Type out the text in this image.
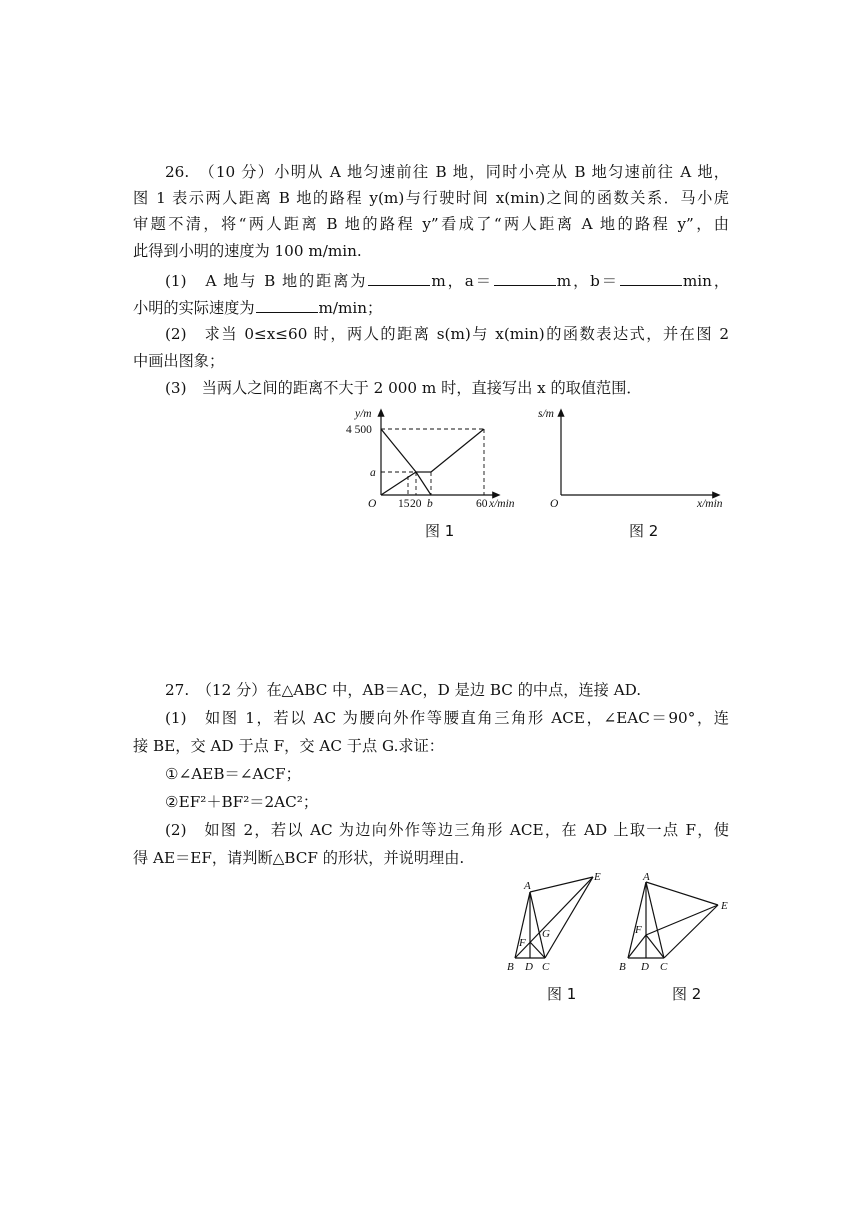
26.　（10 分）小明从 A 地匀速前往 B 地，同时小亮从 B 地匀速前往 A 地，
图 1 表示两人距离 B 地的路程 y(m)与行驶时间 x(min)之间的函数关系．马小虎
审题不清，将“两人距离 B 地的路程 y”看成了“两人距离 A 地的路程 y”，由
此得到小明的速度为 100 m/min.
(1)　A 地与 B 地的距离为	m，a＝	m，b＝	min，
小明的实际速度为	m/min；
(2)　求当 0≤x≤60 时，两人的距离 s(m)与 x(min)的函数表达式，并在图 2
中画出图象；
(3)　当两人之间的距离不大于 2 000 m 时，直接写出 x 的取值范围．
y/m
4 500
a
O 15 20 b	60 x/min
图 1
s/m
O	x/min
图 2
27.　（12 分）在△ABC 中，AB＝AC，D 是边 BC 的中点，连接 AD.
(1)　如图 1，若以 AC 为腰向外作等腰直角三角形 ACE，∠EAC＝90°，连
接 BE，交 AD 于点 F，交 AC 于点 G.求证：
①∠AEB＝∠ACF；
②EF²＋BF²＝2AC²；
(2)　如图 2，若以 AC 为边向外作等边三角形 ACE，在 AD 上取一点 F，使
得 AE＝EF，请判断△BCF 的形状，并说明理由.
A
E
F
G
B D C
图 1
A
E
F
B D C
图 2
